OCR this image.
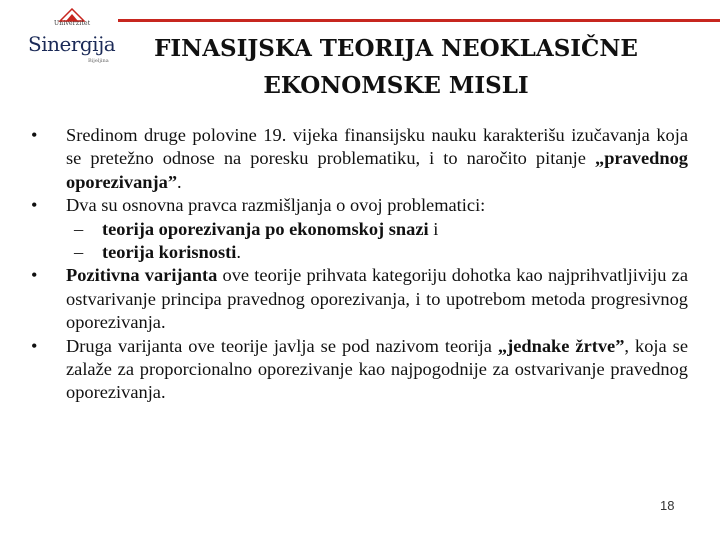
Univerzitet
Sinergija
Bijeljina	FINASIJSKA TEORIJA NEOKLASIČNE
EKONOMSKE MISLI
• Sredinom druge polovine 19. vijeka finansijsku nauku karakterišu izučavanja koja se pretežno odnose na poresku problematiku, i to naročito pitanje „pravednog oporezivanja”.
• Dva su osnovna pravca razmišljanja o ovoj problematici:
– teorija oporezivanja po ekonomskoj snazi i
– teorija korisnosti.
• Pozitivna varijanta ove teorije prihvata kategoriju dohotka kao najprihvatljiviju za ostvarivanje principa pravednog oporezivanja, i to upotrebom metoda progresivnog oporezivanja.
• Druga varijanta ove teorije javlja se pod nazivom teorija „jednake žrtve”, koja se zalaže za proporcionalno oporezivanje kao najpogodnije za ostvarivanje pravednog oporezivanja.
18
